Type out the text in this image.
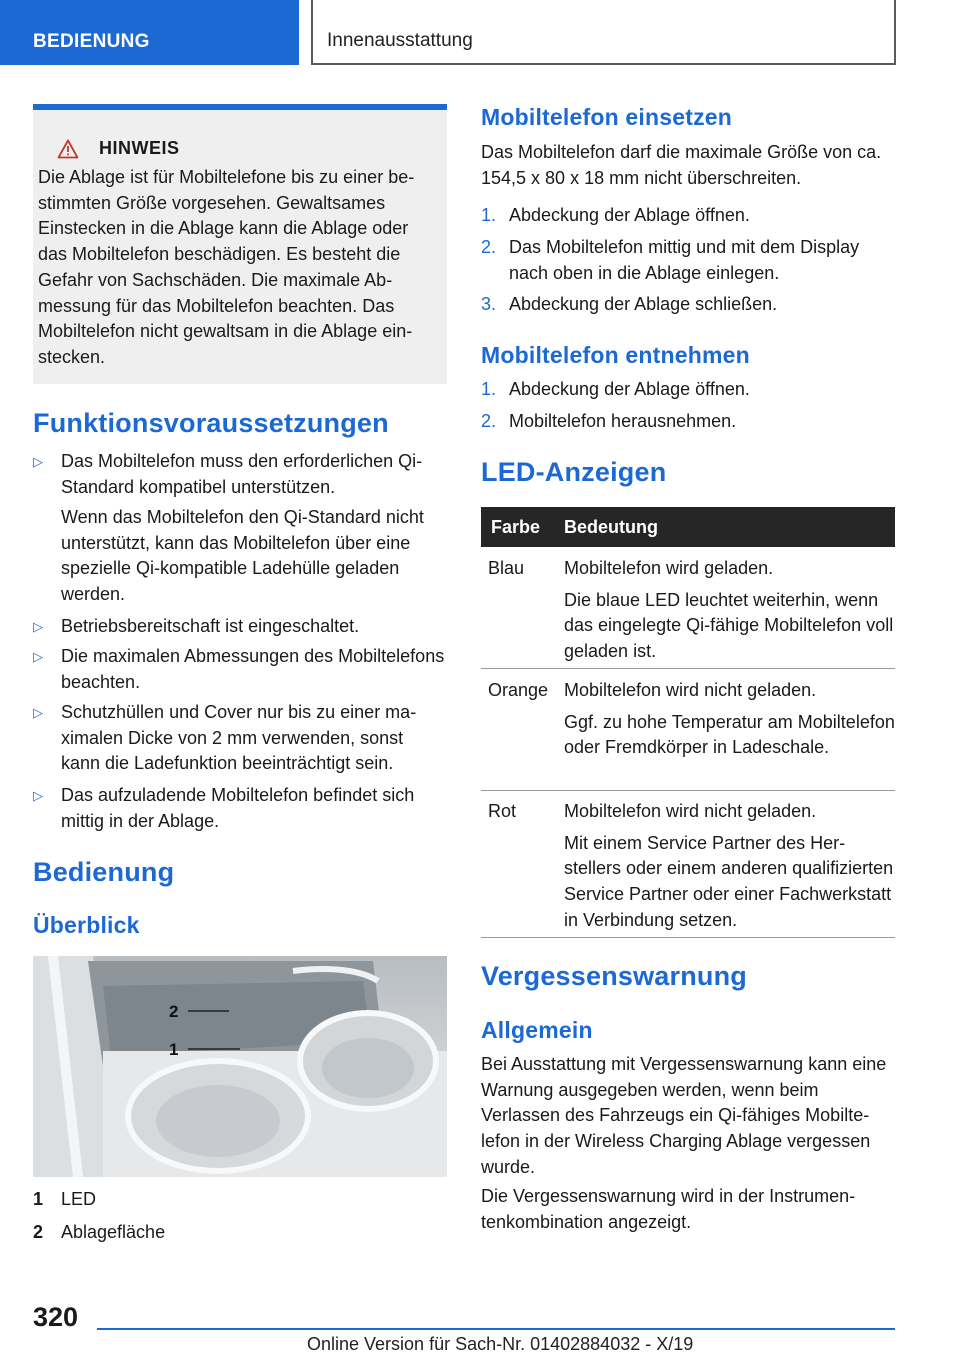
BEDIENUNG	Innenausstattung
HINWEIS
Die Ablage ist für Mobiltelefone bis zu einer bestimmten Größe vorgesehen. Gewaltsames Einstecken in die Ablage kann die Ablage oder das Mobiltelefon beschädigen. Es besteht die Gefahr von Sachschäden. Die maximale Abmessung für das Mobiltelefon beachten. Das Mobiltelefon nicht gewaltsam in die Ablage einstecken.
Funktionsvoraussetzungen
▷ Das Mobiltelefon muss den erforderlichen Qi-Standard kompatibel unterstützen.
Wenn das Mobiltelefon den Qi-Standard nicht unterstützt, kann das Mobiltelefon über eine spezielle Qi-kompatible Ladehülle geladen werden.
▷ Betriebsbereitschaft ist eingeschaltet.
▷ Die maximalen Abmessungen des Mobiltelefons beachten.
▷ Schutzhüllen und Cover nur bis zu einer maximalen Dicke von 2 mm verwenden, sonst kann die Ladefunktion beeinträchtigt sein.
▷ Das aufzuladende Mobiltelefon befindet sich mittig in der Ablage.
Bedienung
Überblick
2
1
1 LED
2 Ablagefläche
Mobiltelefon einsetzen
Das Mobiltelefon darf die maximale Größe von ca. 154,5 x 80 x 18 mm nicht überschreiten.
1. Abdeckung der Ablage öffnen.
2. Das Mobiltelefon mittig und mit dem Display nach oben in die Ablage einlegen.
3. Abdeckung der Ablage schließen.
Mobiltelefon entnehmen
1. Abdeckung der Ablage öffnen.
2. Mobiltelefon herausnehmen.
LED-Anzeigen
Farbe Bedeutung
Blau Mobiltelefon wird geladen.
Die blaue LED leuchtet weiterhin, wenn das eingelegte Qi-fähige Mobiltelefon voll geladen ist.
Orange Mobiltelefon wird nicht geladen.
Ggf. zu hohe Temperatur am Mobiltelefon oder Fremdkörper in Ladeschale.
Rot	Mobiltelefon wird nicht geladen.
Mit einem Service Partner des Herstellers oder einem anderen qualifizierten Service Partner oder einer Fachwerkstatt in Verbindung setzen.
Vergessenswarnung
Allgemein
Bei Ausstattung mit Vergessenswarnung kann eine Warnung ausgegeben werden, wenn beim Verlassen des Fahrzeugs ein Qi-fähiges Mobiltelefon in der Wireless Charging Ablage vergessen wurde.
Die Vergessenswarnung wird in der Instrumentenkombination angezeigt.
320
Online Version für Sach-Nr. 01402884032 - X/19
